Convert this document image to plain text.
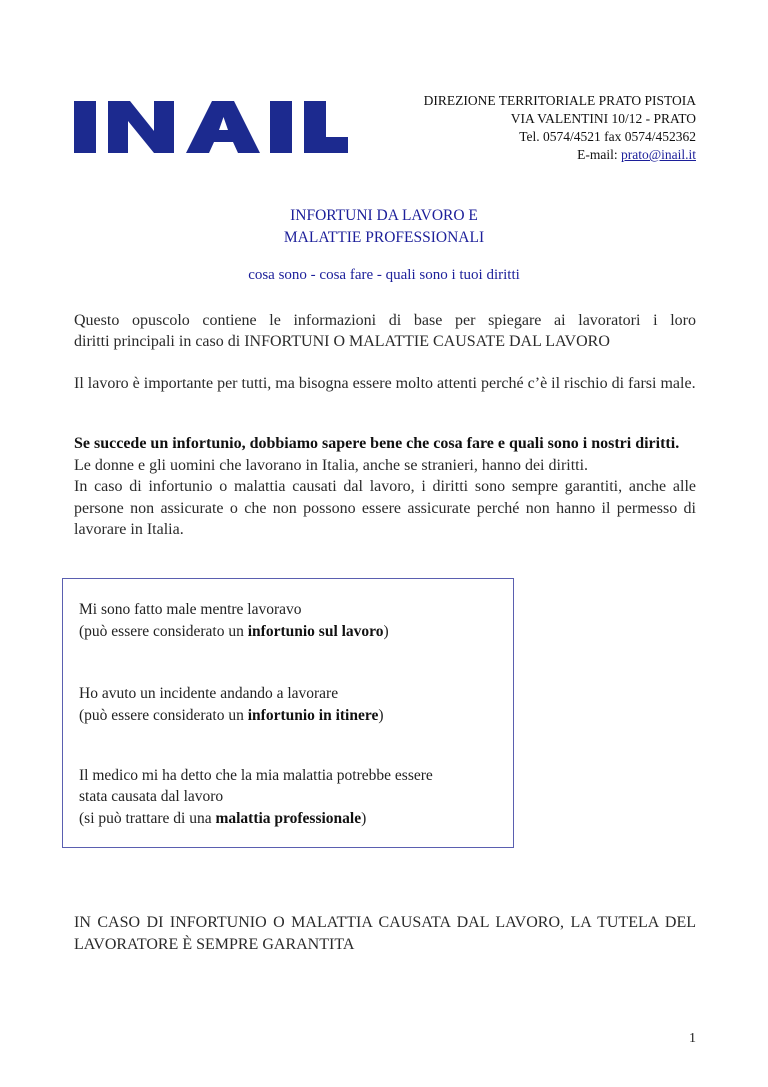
DIREZIONE TERRITORIALE PRATO PISTOIA
VIA VALENTINI 10/12 - PRATO
Tel. 0574/4521 fax 0574/452362
E-mail: prato@inail.it
INFORTUNI DA LAVORO E
MALATTIE PROFESSIONALI
cosa sono - cosa fare - quali sono i tuoi diritti
Questo opuscolo contiene le informazioni di base per spiegare ai lavoratori i loro
diritti principali in caso di INFORTUNI O MALATTIE CAUSATE DAL LAVORO
Il lavoro è importante per tutti, ma bisogna essere molto attenti perché c’è il rischio di farsi male.
Se succede un infortunio, dobbiamo sapere bene che cosa fare e quali sono i nostri diritti.
Le donne e gli uomini che lavorano in Italia, anche se stranieri, hanno dei diritti.
In caso di infortunio o malattia causati dal lavoro, i diritti sono sempre garantiti, anche alle persone non assicurate o che non possono essere assicurate perché non hanno il permesso di lavorare in Italia.
Mi sono fatto male mentre lavoravo
(può essere considerato un infortunio sul lavoro)
Ho avuto un incidente andando a lavorare
(può essere considerato un infortunio in itinere)
Il medico mi ha detto che la mia malattia potrebbe essere
stata causata dal lavoro
(si può trattare di una malattia professionale)
IN CASO DI INFORTUNIO O MALATTIA CAUSATA DAL LAVORO, LA TUTELA DEL LAVORATORE È SEMPRE GARANTITA
1
